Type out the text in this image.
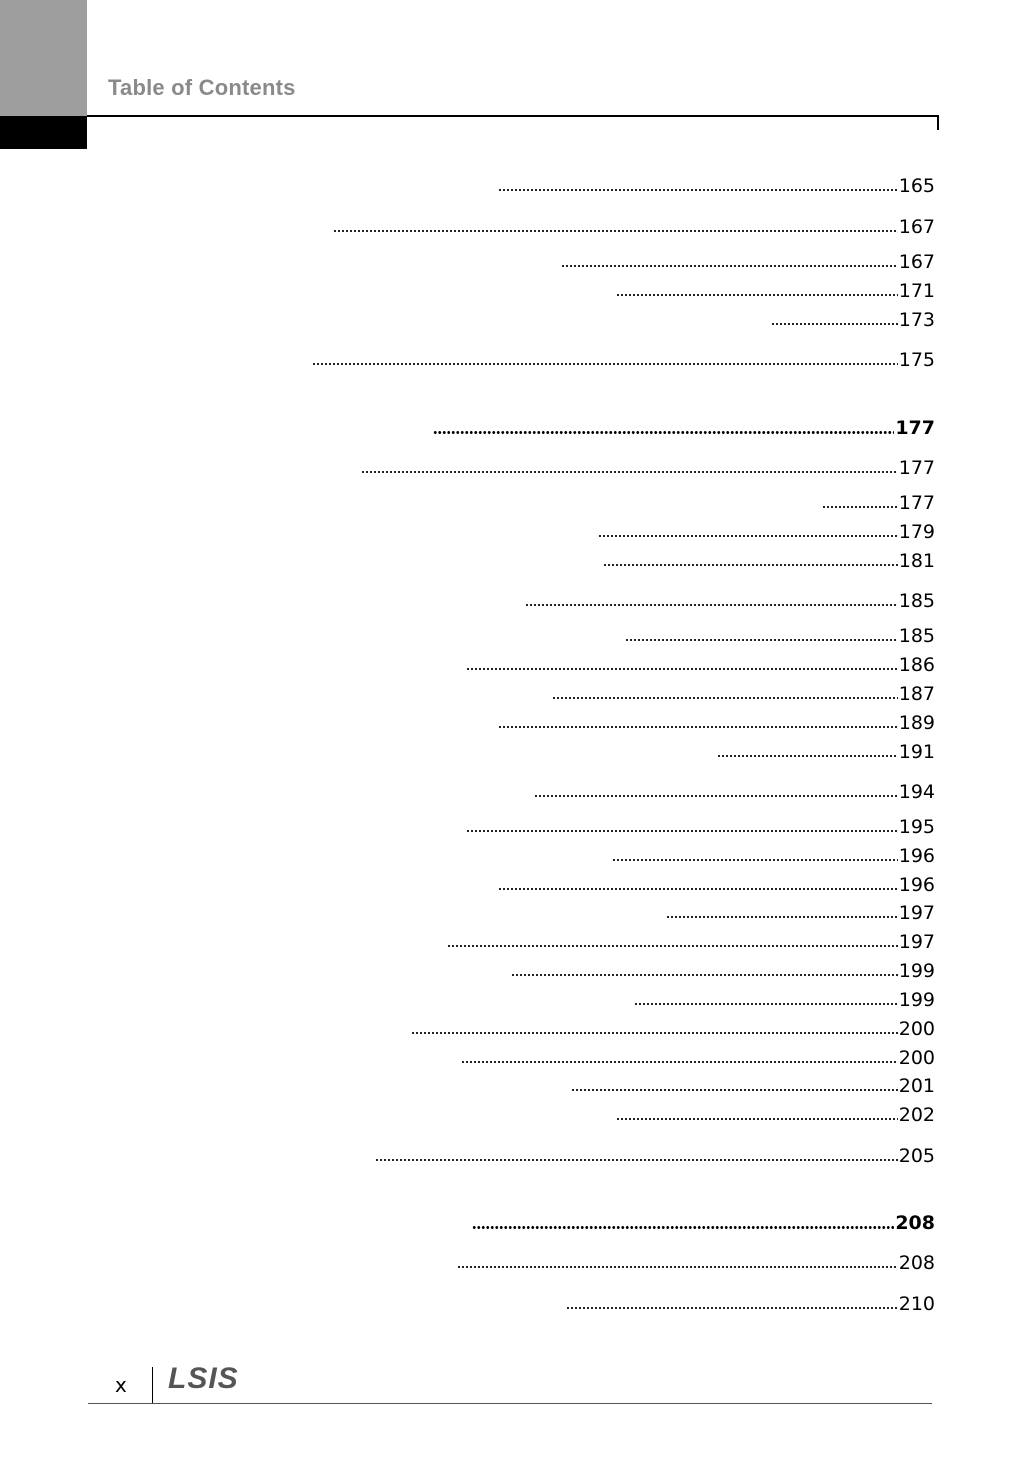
Table of Contents
165
167
167
171
173
175
177
177
177
179
181
185
185
186
187
189
191
194
195
196
196
197
197
199
199
200
200
201
202
205
208
208
210
x LSIS
